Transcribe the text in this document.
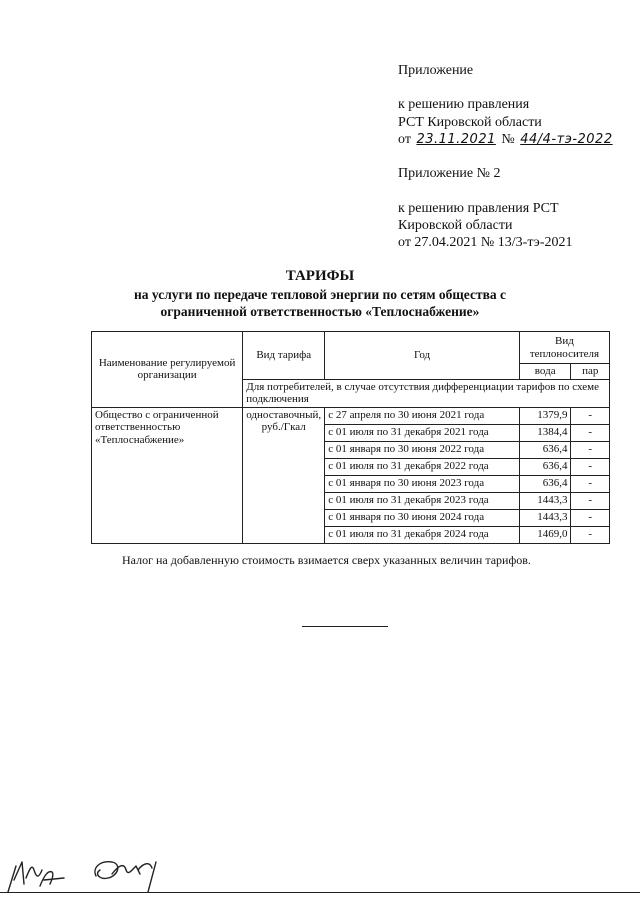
Приложение
к решению правления
РСТ Кировской области
от 23.11.2021 № 44/4-тэ-2022
Приложение № 2
к решению правления РСТ
Кировской области
от 27.04.2021 № 13/3-тэ-2021
ТАРИФЫ
на услуги по передаче тепловой энергии по сетям общества с
ограниченной ответственностью «Теплоснабжение»
Наименование регулируемой организации	Вид тарифа	Год	Вид теплоносителя	
			вода	пар
	Для потребителей, в случае отсутствия дифференциации тарифов по схеме подключения			
Общество с ограниченной ответственностью «Теплоснабжение»	одноставочный, руб./Гкал	с 27 апреля по 30 июня 2021 года	1379,9	-
		с 01 июля по 31 декабря 2021 года	1384,4	-
		с 01 января по 30 июня 2022 года	636,4	-
		с 01 июля по 31 декабря 2022 года	636,4	-
		с 01 января по 30 июня 2023 года	636,4	-
		с 01 июля по 31 декабря 2023 года	1443,3	-
		с 01 января по 30 июня 2024 года	1443,3	-
		с 01 июля по 31 декабря 2024 года	1469,0	-
Налог на добавленную стоимость взимается сверх указанных величин тарифов.
